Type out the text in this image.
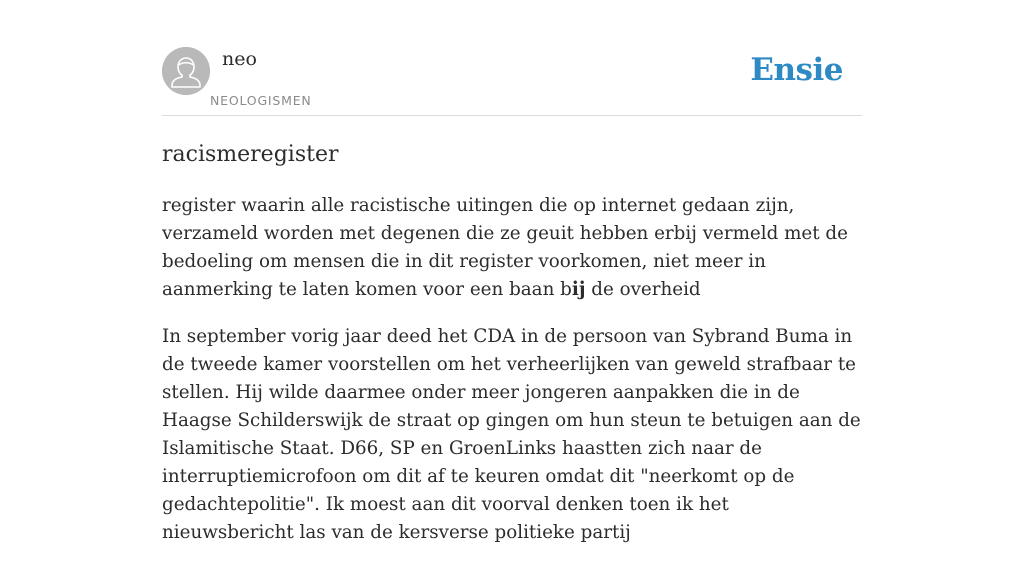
neo
NEOLOGISMEN
Ensie
racismeregister

register waarin alle racistische uitingen die op internet gedaan zijn, verzameld worden met degenen die ze geuit hebben erbij vermeld met de bedoeling om mensen die in dit register voorkomen, niet meer in aanmerking te laten komen voor een baan bij de overheid

In september vorig jaar deed het CDA in de persoon van Sybrand Buma in de tweede kamer voorstellen om het verheerlijken van geweld strafbaar te stellen. Hij wilde daarmee onder meer jongeren aanpakken die in de Haagse Schilderswijk de straat op gingen om hun steun te betuigen aan de Islamitische Staat. D66, SP en GroenLinks haastten zich naar de interruptiemicrofoon om dit af te keuren omdat dit "neerkomt op de gedachtepolitie". Ik moest aan dit voorval denken toen ik het nieuwsbericht las van de kersverse politieke partij
